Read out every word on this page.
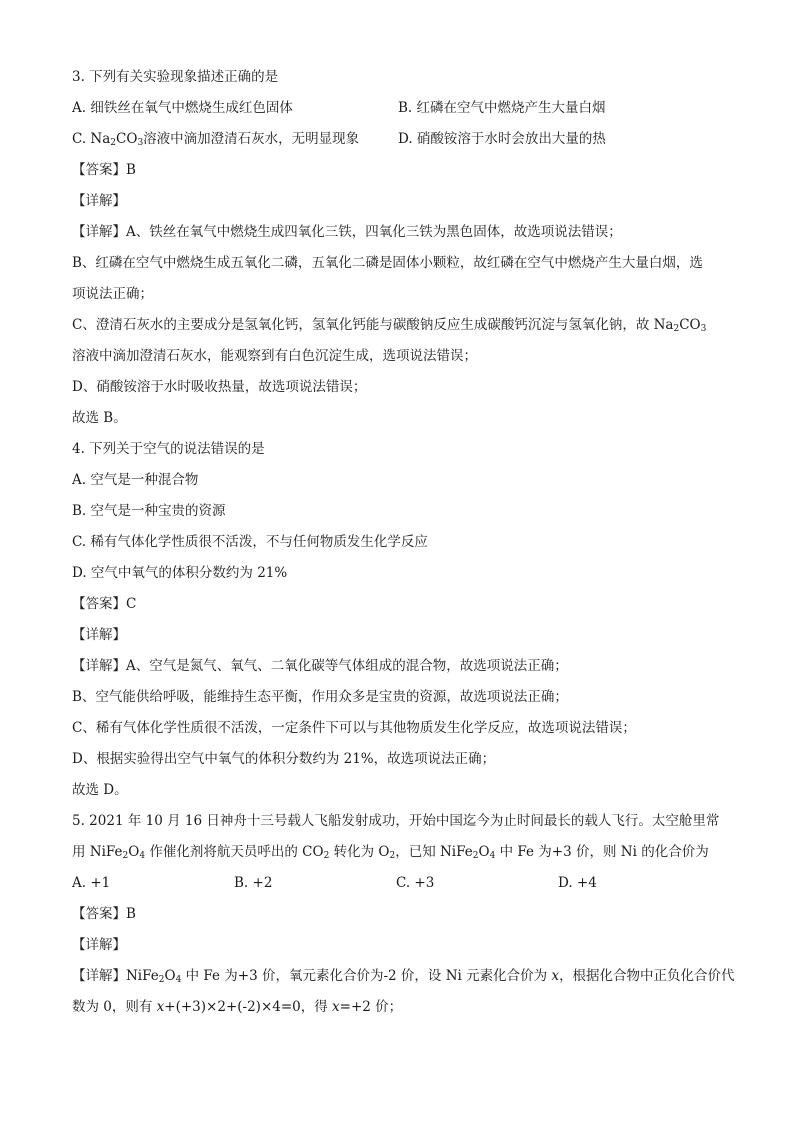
3. 下列有关实验现象描述正确的是

A. 细铁丝在氧气中燃烧生成红色固体	B. 红磷在空气中燃烧产生大量白烟
C. $Na_2CO_3$溶液中滴加澄清石灰水，无明显现象	D. 硝酸铵溶于水时会放出大量的热

【答案】B

【详解】

【详解】A、铁丝在氧气中燃烧生成四氧化三铁，四氧化三铁为黑色固体，故选项说法错误；

B、红磷在空气中燃烧生成五氧化二磷，五氧化二磷是固体小颗粒，故红磷在空气中燃烧产生大量白烟，选

项说法正确；

C、澄清石灰水的主要成分是氢氧化钙，氢氧化钙能与碳酸钠反应生成碳酸钙沉淀与氢氧化钠，故 $Na_2CO_3$

溶液中滴加澄清石灰水，能观察到有白色沉淀生成，选项说法错误；

D、硝酸铵溶于水时吸收热量，故选项说法错误；

故选 B。

4. 下列关于空气的说法错误的是

A. 空气是一种混合物

B. 空气是一种宝贵的资源

C. 稀有气体化学性质很不活泼，不与任何物质发生化学反应

D. 空气中氧气的体积分数约为 21%

【答案】C

【详解】

【详解】A、空气是氮气、氧气、二氧化碳等气体组成的混合物，故选项说法正确；

B、空气能供给呼吸，能维持生态平衡，作用众多是宝贵的资源，故选项说法正确；

C、稀有气体化学性质很不活泼，一定条件下可以与其他物质发生化学反应，故选项说法错误；

D、根据实验得出空气中氧气的体积分数约为 21%，故选项说法正确；

故选 D。

5. 2021 年 10 月 16 日神舟十三号载人飞船发射成功，开始中国迄今为止时间最长的载人飞行。太空舱里常

用 $NiFe_2O_4$ 作催化剂将航天员呼出的 $CO_2$ 转化为 $O_2$，已知 $NiFe_2O_4$ 中 Fe 为+3 价，则 Ni 的化合价为

A. +1	B. +2	C. +3	D. +4

【答案】B

【详解】

【详解】$NiFe_2O_4$ 中 Fe 为+3 价，氧元素化合价为-2 价，设 Ni 元素化合价为 x，根据化合物中正负化合价代

数为 0，则有 x+(+3)×2+(-2)×4=0，得 x=+2 价；
